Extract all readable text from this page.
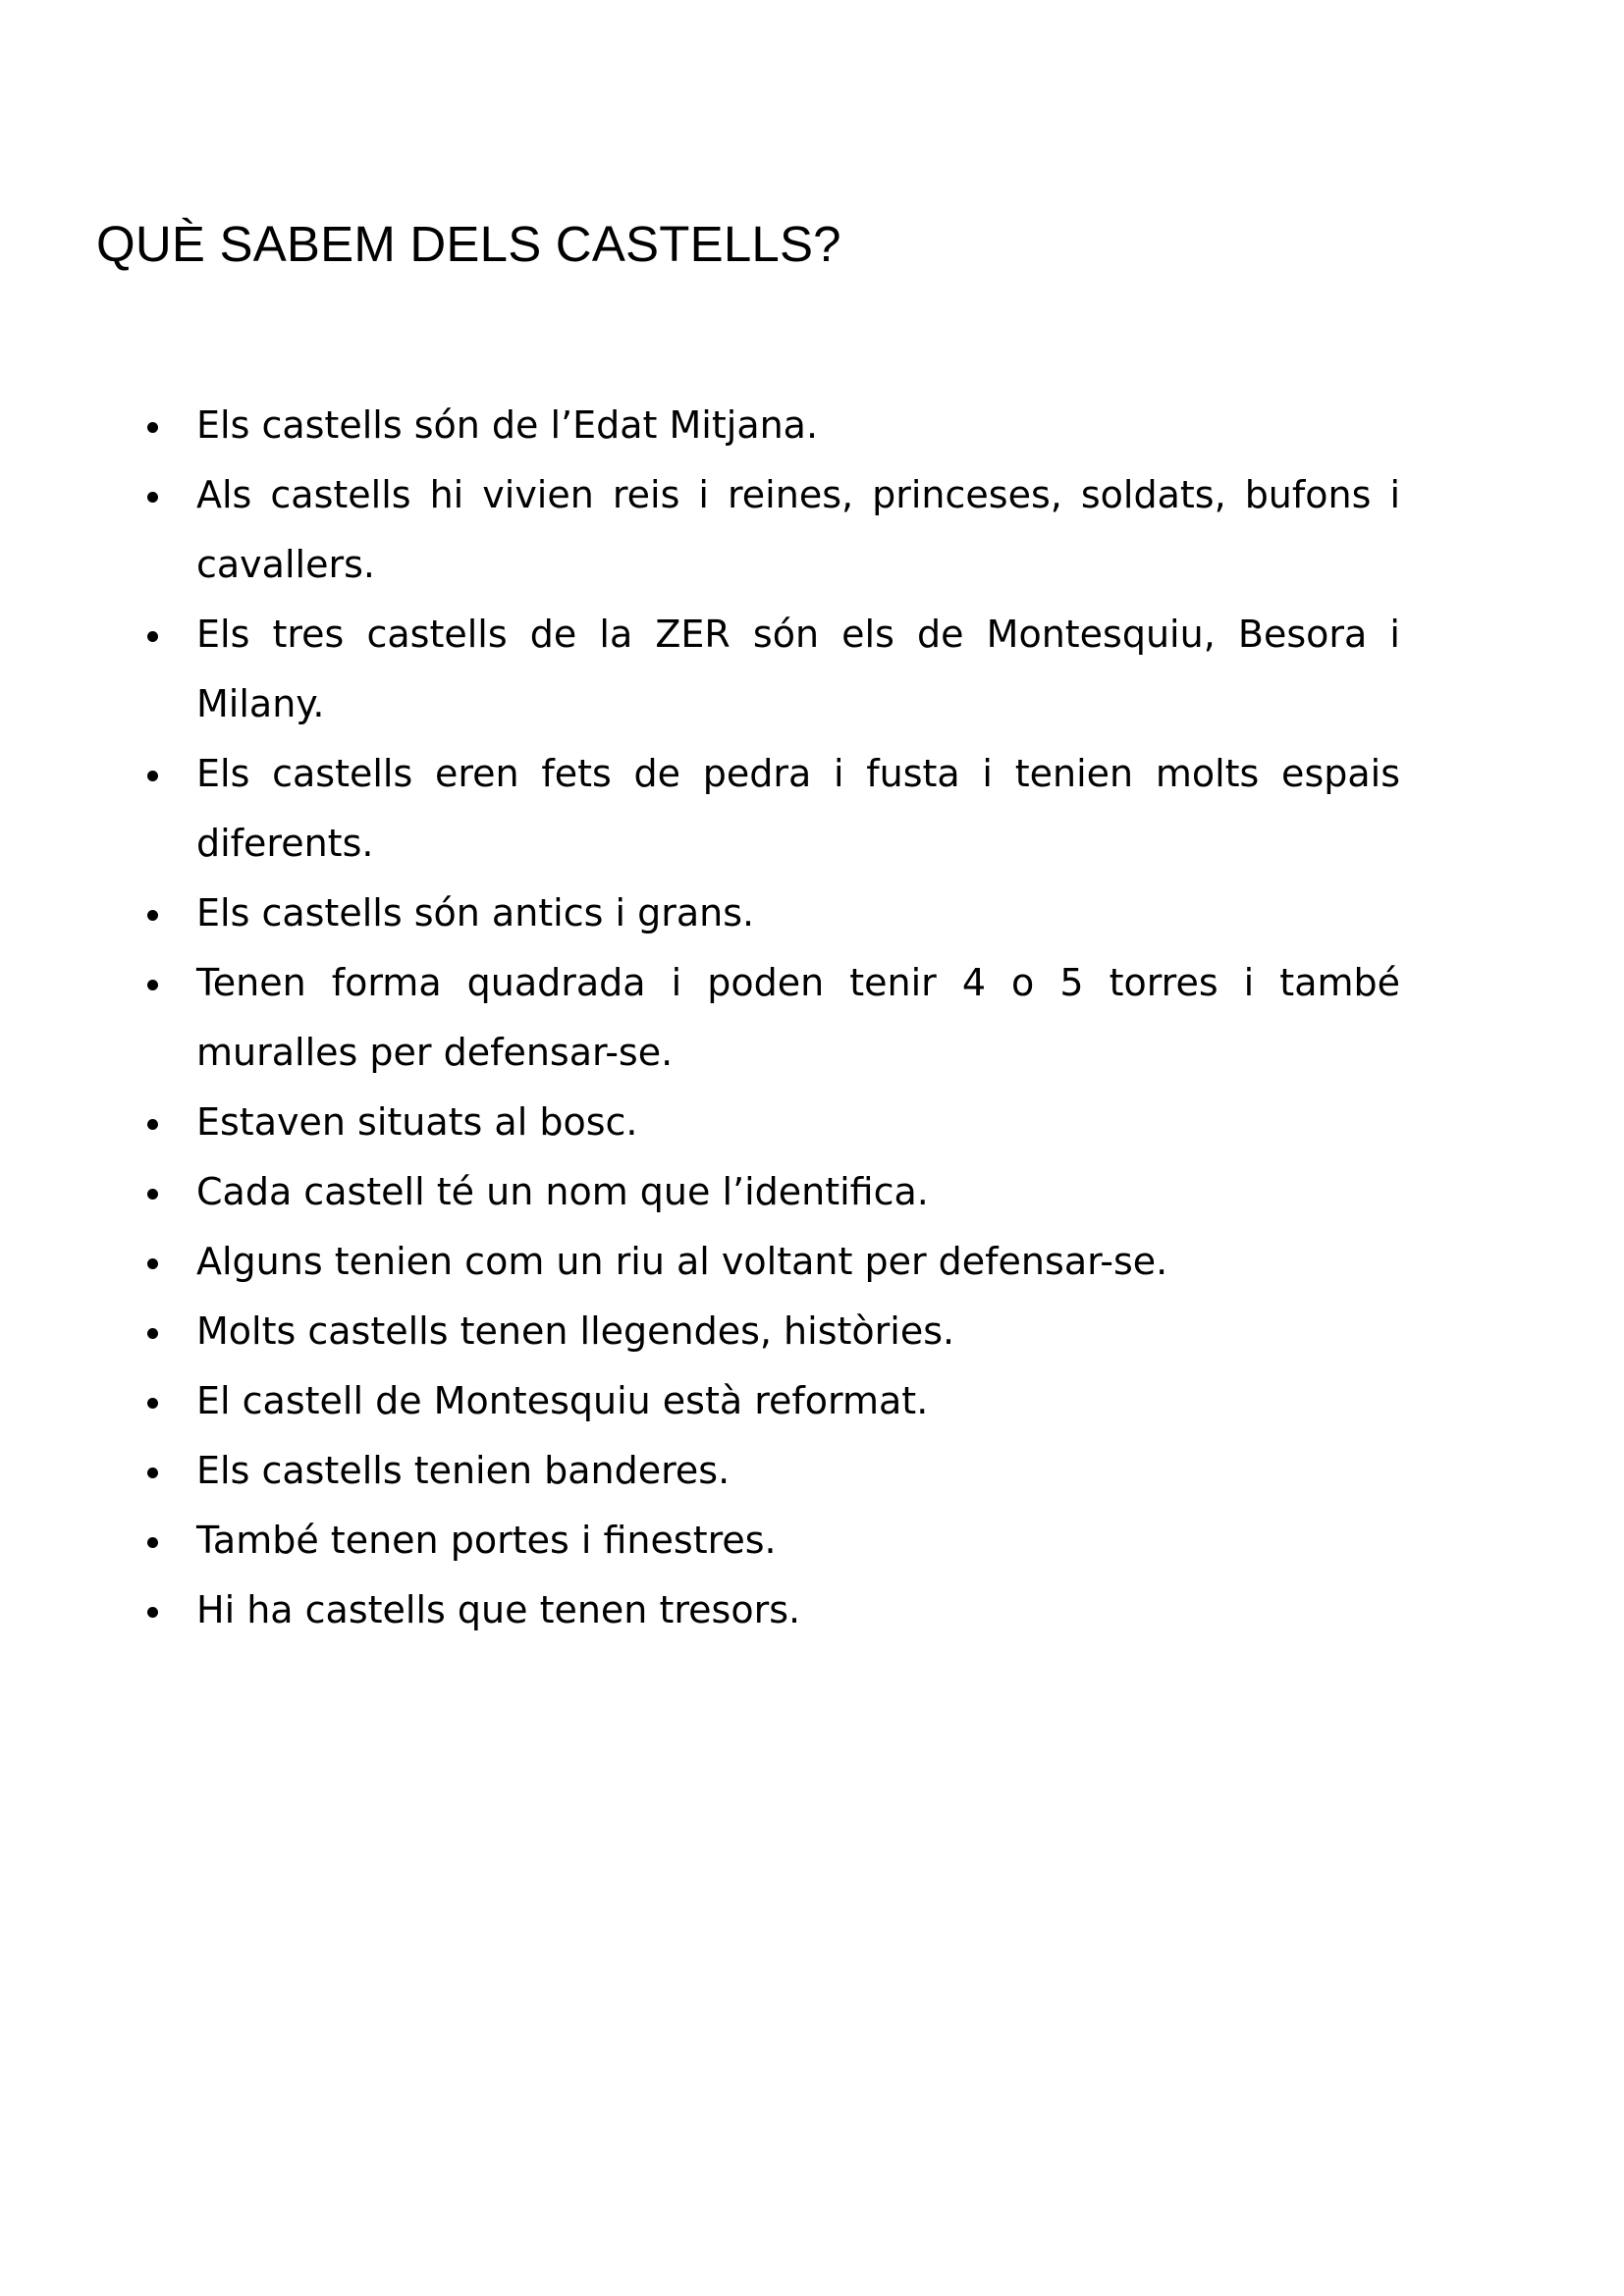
QUÈ SABEM DELS CASTELLS?
Els castells són de l’Edat Mitjana.
Als castells hi vivien reis i reines, princeses, soldats, bufons i cavallers.
Els tres castells de la ZER són els de Montesquiu, Besora i Milany.
Els castells eren fets de pedra i fusta i tenien molts espais diferents.
Els castells són antics i grans.
Tenen forma quadrada i poden tenir 4 o 5 torres i també muralles per defensar-se.
Estaven situats al bosc.
Cada castell té un nom que l’identifica.
Alguns tenien com un riu al voltant per defensar-se.
Molts castells tenen llegendes, històries.
El castell de Montesquiu està reformat.
Els castells tenien banderes.
També tenen portes i finestres.
Hi ha castells que tenen tresors.
